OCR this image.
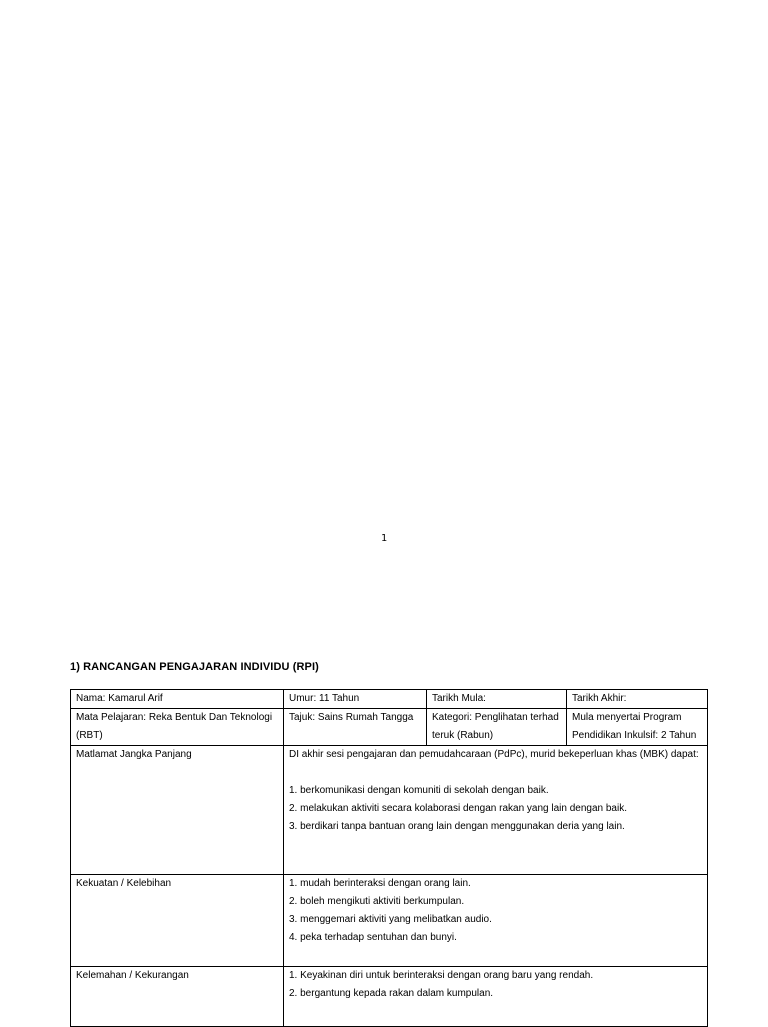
1
1) RANCANGAN PENGAJARAN INDIVIDU (RPI)
Nama: Kamarul Arif	Umur: 11 Tahun	Tarikh Mula:	Tarikh Akhir:
Mata Pelajaran: Reka Bentuk Dan Teknologi (RBT)	Tajuk: Sains Rumah Tangga	Kategori: Penglihatan terhad teruk (Rabun)	Mula menyertai Program Pendidikan Inkulsif: 2 Tahun
Matlamat Jangka Panjang	DI akhir sesi pengajaran dan pemudahcaraan (PdPc), murid bekeperluan khas (MBK) dapat:
1. berkomunikasi dengan komuniti di sekolah dengan baik.
2. melakukan aktiviti secara kolaborasi dengan rakan yang lain dengan baik.
3. berdikari tanpa bantuan orang lain dengan menggunakan deria yang lain.		

Kekuatan / Kelebihan	1. mudah berinteraksi dengan orang lain.
2. boleh mengikuti aktiviti berkumpulan.
3. menggemari aktiviti yang melibatkan audio.
4. peka terhadap sentuhan dan bunyi.		

Kelemahan / Kekurangan	1. Keyakinan diri untuk berinteraksi dengan orang baru yang rendah.
2. bergantung kepada rakan dalam kumpulan.		
